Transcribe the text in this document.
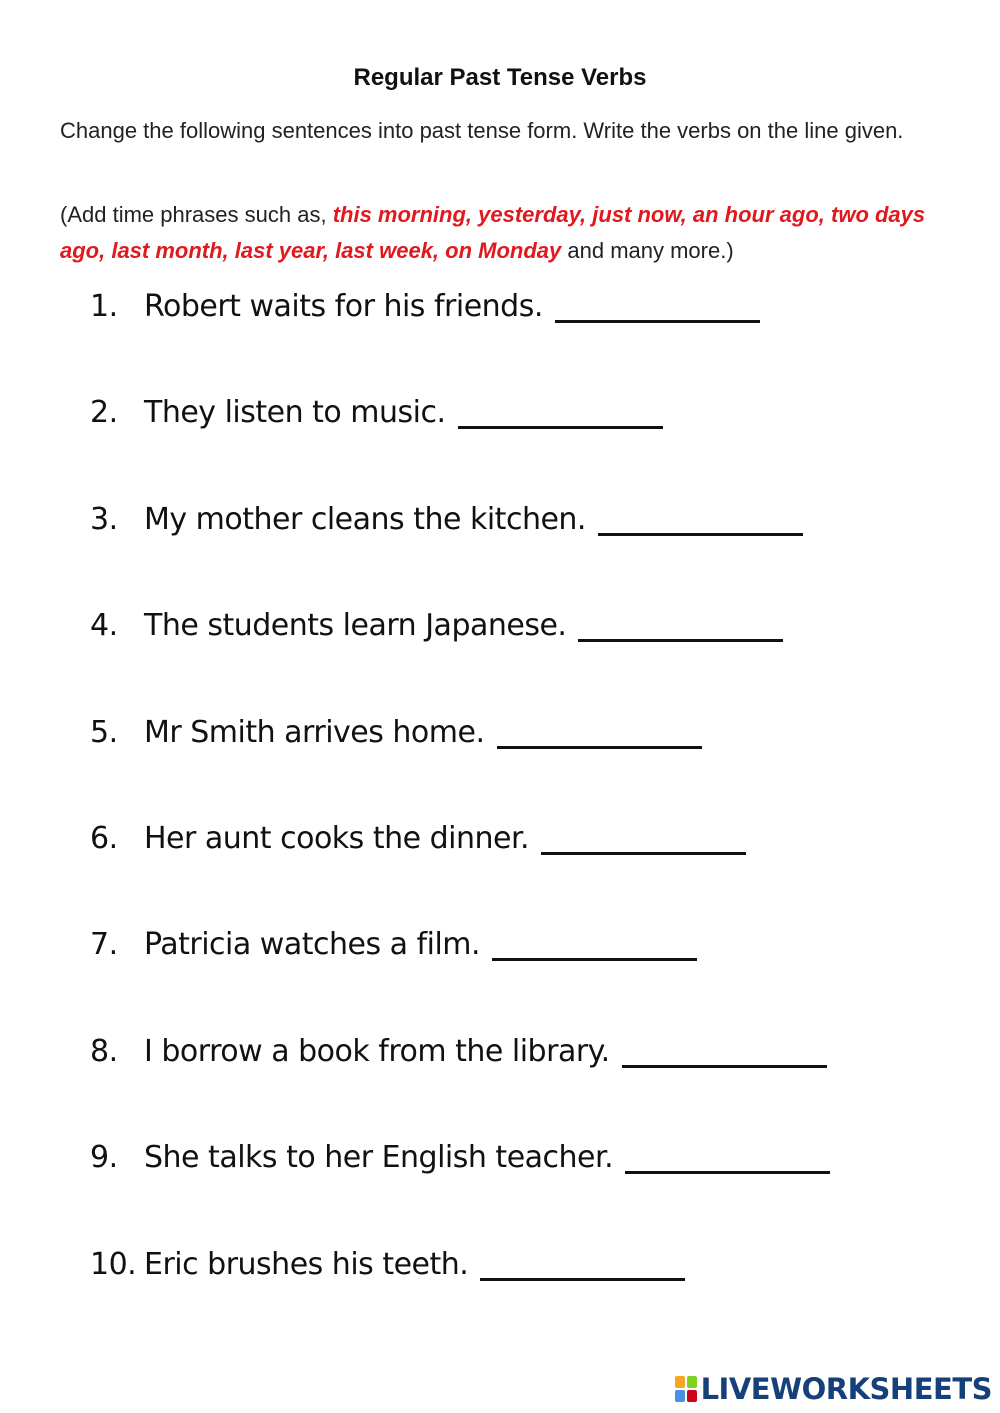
Regular Past Tense Verbs
Change the following sentences into past tense form. Write the verbs on the line given.
(Add time phrases such as, this morning, yesterday, just now, an hour ago, two days ago, last month, last year, last week, on Monday and many more.)
1. Robert waits for his friends.
2. They listen to music.
3. My mother cleans the kitchen.
4. The students learn Japanese.
5. Mr Smith arrives home.
6. Her aunt cooks the dinner.
7. Patricia watches a film.
8. I borrow a book from the library.
9. She talks to her English teacher.
10. Eric brushes his teeth.
LIVEWORKSHEETS
